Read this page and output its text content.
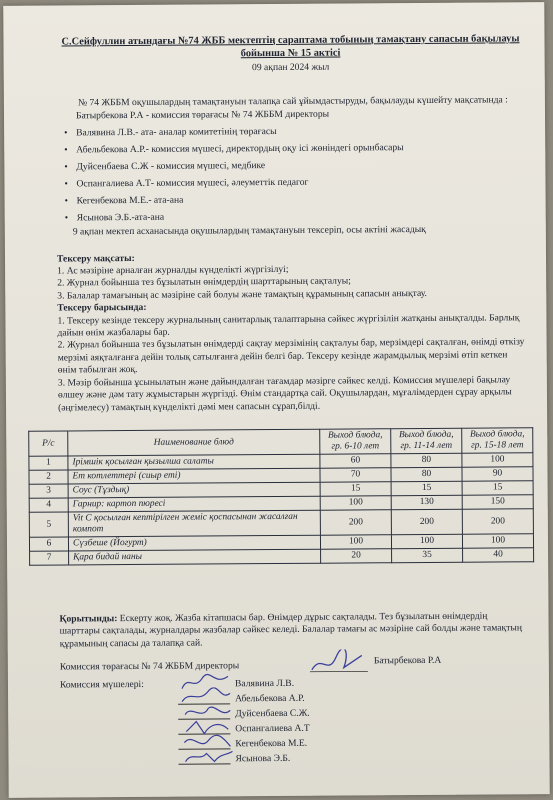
С.Сейфуллин атындағы №74 ЖББ мектептің сараптама тобының тамақтану сапасын бақылауы бойынша № 15 актісі
09 ақпан 2024 жыл
№ 74 ЖББМ оқушылардың тамақтануын талапқа сай ұйымдастыруды, бақылауды күшейту мақсатында :
Батырбекова Р.А - комиссия төрағасы № 74 ЖББМ директоры
• Валявина Л.В.- ата- аналар комитетінің төрағасы
• Абельбекова А.Р.- комиссия мүшесі, директордың оқу ісі жөніндегі орынбасары
• Дуйсенбаева С.Ж - комиссия мүшесі, медбике
• Оспангалиева А.Т- комиссия мүшесі, әлеуметтік педагог
• Кегенбекова М.Е.- ата-ана
• Ясынова Э.Б.-ата-ана
9 ақпан мектеп асханасында оқушылардың тамақтануын тексеріп, осы актіні жасадық
Тексеру мақсаты:
1. Ас мәзіріне арналған журналды күнделікті жүргізілуі;
2. Журнал бойынша тез бұзылатын өнімдердің шарттарының сақталуы;
3. Балалар тамағының ас мәзіріне сай болуы және тамақтың құрамының сапасын анықтау.
Тексеру барысында:
1. Тексеру кезінде тексеру журналының санитарлық талаптарына сәйкес жүргізілін жатқаны анықталды. Барлық дайын өнім жазбалары бар.
2. Журнал бойынша тез бұзылатын өнімдерді сақтау мерзімінің сақталуы бар, мерзімдері сақталған, өнімді өткізу мерзімі аяқталғанға дейін толық сатылғанға дейін белгі бар. Тексеру кезінде жарамдылық мерзімі өтіп кеткен өнім табылған жоқ.
3. Мәзір бойынша ұсынылатын және дайындалған тағамдар мәзірге сәйкес келді. Комиссия мүшелері бақылау өлшеу және дәм тату жұмыстарын жүргізді. Өнім стандартқа сай. Оқушылардан, мұғалімдерден сұрау арқылы (әңгімелесу) тамақтың күнделікті дәмі мен сапасын сұрап,білді.
Р/с	Наименование блюд	Выход блюда, гр. 6-10 лет	Выход блюда, гр. 11-14 лет	Выход блюда, гр. 15-18 лет
1	Ірімшік қосылған қызылша салаты	60	80	100
2	Ет котлеттері (сиыр еті)	70	80	90
3	Соус (Тұздық)	15	15	15
4	Гарнир: картоп пюресі	100	130	150
5	Vit C қосылған кептірілген жеміс қоспасынан жасалған компот	200	200	200
6	Сүзбеше (Йогурт)	100	100	100
7	Қара бидай наны	20	35	40
Қорытынды: Ескерту жоқ. Жазба кітапшасы бар. Өнімдер дұрыс сақталады. Тез бұзылатын өнімдердің шарттары сақталады, журналдары жазбалар сәйкес келеді. Балалар тамағы ас мәзіріне сай болды және тамақтың құрамының сапасы да талапқа сай.
Комиссия төрағасы № 74 ЖББМ директоры	Батырбекова Р.А
Комиссия мүшелері:	Валявина Л.В.
Абельбекова А.Р.
Дуйсенбаева С.Ж.
Оспангалиева А.Т
Кегенбекова М.Е.
Ясынова Э.Б.
